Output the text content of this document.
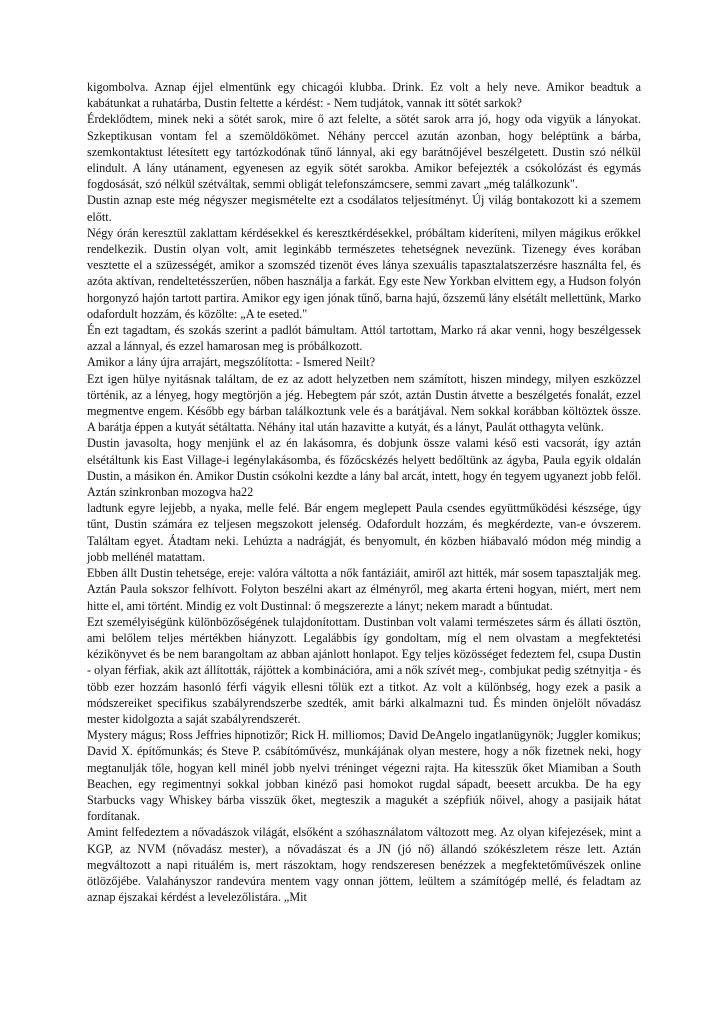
kigombolva. Aznap éjjel elmentünk egy chicagói klubba. Drink. Ez volt a hely neve. Amikor beadtuk a kabátunkat a ruhatárba, Dustin feltette a kérdést: - Nem tudjátok, vannak itt sötét sarkok?

Érdeklődtem, minek neki a sötét sarok, mire ő azt felelte, a sötét sarok arra jó, hogy oda vigyük a lányokat. Szkeptikusan vontam fel a szemöldökömet. Néhány perccel azután azonban, hogy beléptünk a bárba, szemkontaktust létesített egy tartózkodónak tűnő lánnyal, aki egy barátnőjével beszélgetett. Dustin szó nélkül elindult. A lány utánament, egyenesen az egyik sötét sarokba. Amikor befejezték a csókolózást és egymás fogdosását, szó nélkül szétváltak, semmi obligát telefonszámcsere, semmi zavart „még találkozunk".

Dustin aznap este még négyszer megismételte ezt a csodálatos teljesítményt. Új világ bontakozott ki a szemem előtt.

Négy órán keresztül zaklattam kérdésekkel és keresztkérdésekkel, próbáltam kideríteni, milyen mágikus erőkkel rendelkezik. Dustin olyan volt, amit leginkább természetes tehetségnek nevezünk. Tizenegy éves korában vesztette el a szüzességét, amikor a szomszéd tizenöt éves lánya szexuális tapasztalatszerzésre használta fel, és azóta aktívan, rendeltetésszerűen, nőben használja a farkát. Egy este New Yorkban elvittem egy, a Hudson folyón horgonyzó hajón tartott partira. Amikor egy igen jónak tűnő, barna hajú, őzszemű lány elsétált mellettünk, Marko odafordult hozzám, és közölte: „A te eseted."

Én ezt tagadtam, és szokás szerint a padlót bámultam. Attól tartottam, Marko rá akar venni, hogy beszélgessek azzal a lánnyal, és ezzel hamarosan meg is próbálkozott.

Amikor a lány újra arrajárt, megszólította: - Ismered Neilt?

Ezt igen hülye nyitásnak találtam, de ez az adott helyzetben nem számított, hiszen mindegy, milyen eszközzel történik, az a lényeg, hogy megtörjön a jég. Hebegtem pár szót, aztán Dustin átvette a beszélgetés fonalát, ezzel megmentve engem. Később egy bárban találkoztunk vele és a barátjával. Nem sokkal korábban költöztek össze. A barátja éppen a kutyát sétáltatta. Néhány ital után hazavitte a kutyát, és a lányt, Paulát otthagyta velünk.

Dustin javasolta, hogy menjünk el az én lakásomra, és dobjunk össze valami késő esti vacsorát, így aztán elsétáltunk kis East Village-i legénylakásomba, és főzőcskézés helyett bedőltünk az ágyba, Paula egyik oldalán Dustin, a másikon én. Amikor Dustin csókolni kezdte a lány bal arcát, intett, hogy én tegyem ugyanezt jobb felől. Aztán szinkronban mozogva ha22

ladtunk egyre lejjebb, a nyaka, melle felé. Bár engem meglepett Paula csendes együttműködési készsége, úgy tűnt, Dustin számára ez teljesen megszokott jelenség. Odafordult hozzám, és megkérdezte, van-e óvszerem. Találtam egyet. Átadtam neki. Lehúzta a nadrágját, és benyomult, én közben hiábavaló módon még mindig a jobb mellénél matattam.

Ebben állt Dustin tehetsége, ereje: valóra váltotta a nők fantáziáit, amiről azt hitték, már sosem tapasztalják meg. Aztán Paula sokszor felhívott. Folyton beszélni akart az élményről, meg akarta érteni hogyan, miért, mert nem hitte el, ami történt. Mindig ez volt Dustinnal: ő megszerezte a lányt; nekem maradt a bűntudat.

Ezt személyiségünk különbözőségének tulajdonítottam. Dustinban volt valami természetes sárm és állati ösztön, ami belőlem teljes mértékben hiányzott. Legalábbis így gondoltam, míg el nem olvastam a megfektetési kézikönyvet és be nem barangoltam az abban ajánlott honlapot. Egy teljes közösséget fedeztem fel, csupa Dustin - olyan férfiak, akik azt állították, rájöttek a kombinációra, ami a nők szívét meg-, combjukat pedig szétnyitja - és több ezer hozzám hasonló férfi vágyik ellesni tőlük ezt a titkot. Az volt a különbség, hogy ezek a pasik a módszereiket specifikus szabályrendszerbe szedték, amit bárki alkalmazni tud. És minden önjelölt nővadász mester kidolgozta a saját szabályrendszerét.

Mystery mágus; Ross Jeffries hipnotizőr; Rick H. milliomos; David DeAngelo ingatlanügynök; Juggler komikus; David X. építőmunkás; és Steve P. csábítóművész, munkájának olyan mestere, hogy a nők fizetnek neki, hogy megtanulják tőle, hogyan kell minél jobb nyelvi tréninget végezni rajta. Ha kitesszük őket Miamiban a South Beachen, egy regimentnyi sokkal jobban kinéző pasi homokot rugdal sápadt, beesett arcukba. De ha egy Starbucks vagy Whiskey bárba visszük őket, megteszik a magukét a szépfiúk nőivel, ahogy a pasijaik hátat fordítanak.

Amint felfedeztem a nővadászok világát, elsőként a szóhasználatom változott meg. Az olyan kifejezések, mint a KGP, az NVM (nővadász mester), a nővadászat és a JN (jó nő) állandó szókészletem része lett. Aztán megváltozott a napi rituálém is, mert rászoktam, hogy rendszeresen benézzek a megfektetőművészek online ötlözőjébe. Valahányszor randevúra mentem vagy onnan jöttem, leültem a számítógép mellé, és feladtam az aznap éjszakai kérdést a levelezőlistára. „Mit
